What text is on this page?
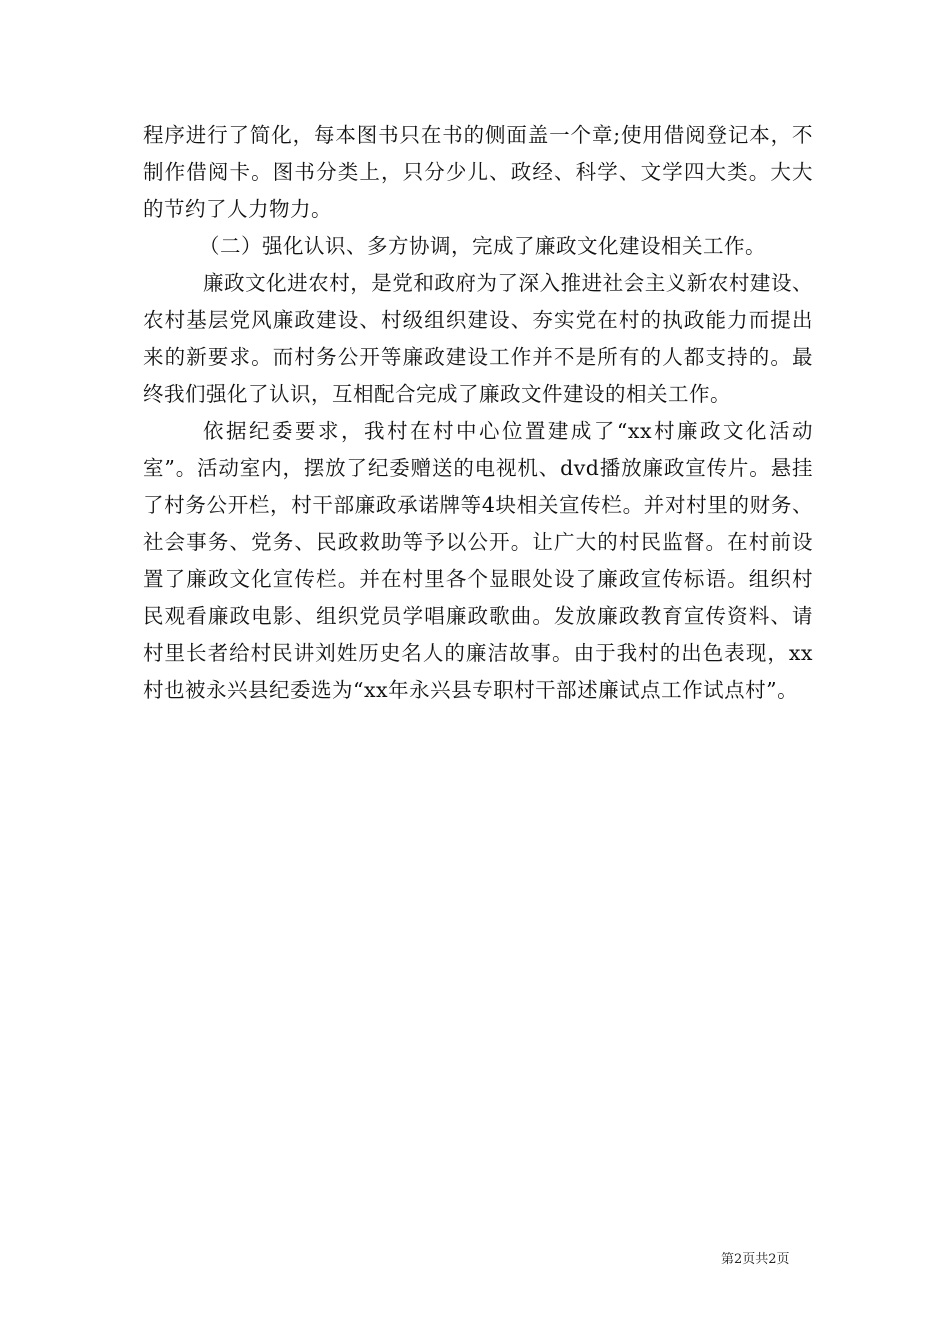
程序进行了简化，每本图书只在书的侧面盖一个章;使用借阅登记本，不制作借阅卡。图书分类上，只分少儿、政经、科学、文学四大类。大大的节约了人力物力。

（二）强化认识、多方协调，完成了廉政文化建设相关工作。

廉政文化进农村，是党和政府为了深入推进社会主义新农村建设、农村基层党风廉政建设、村级组织建设、夯实党在村的执政能力而提出来的新要求。而村务公开等廉政建设工作并不是所有的人都支持的。最终我们强化了认识，互相配合完成了廉政文件建设的相关工作。

依据纪委要求，我村在村中心位置建成了“xx村廉政文化活动室”。活动室内，摆放了纪委赠送的电视机、dvd播放廉政宣传片。悬挂了村务公开栏，村干部廉政承诺牌等4块相关宣传栏。并对村里的财务、社会事务、党务、民政救助等予以公开。让广大的村民监督。在村前设置了廉政文化宣传栏。并在村里各个显眼处设了廉政宣传标语。组织村民观看廉政电影、组织党员学唱廉政歌曲。发放廉政教育宣传资料、请村里长者给村民讲刘姓历史名人的廉洁故事。由于我村的出色表现，xx村也被永兴县纪委选为“xx年永兴县专职村干部述廉试点工作试点村”。

第2页共2页
